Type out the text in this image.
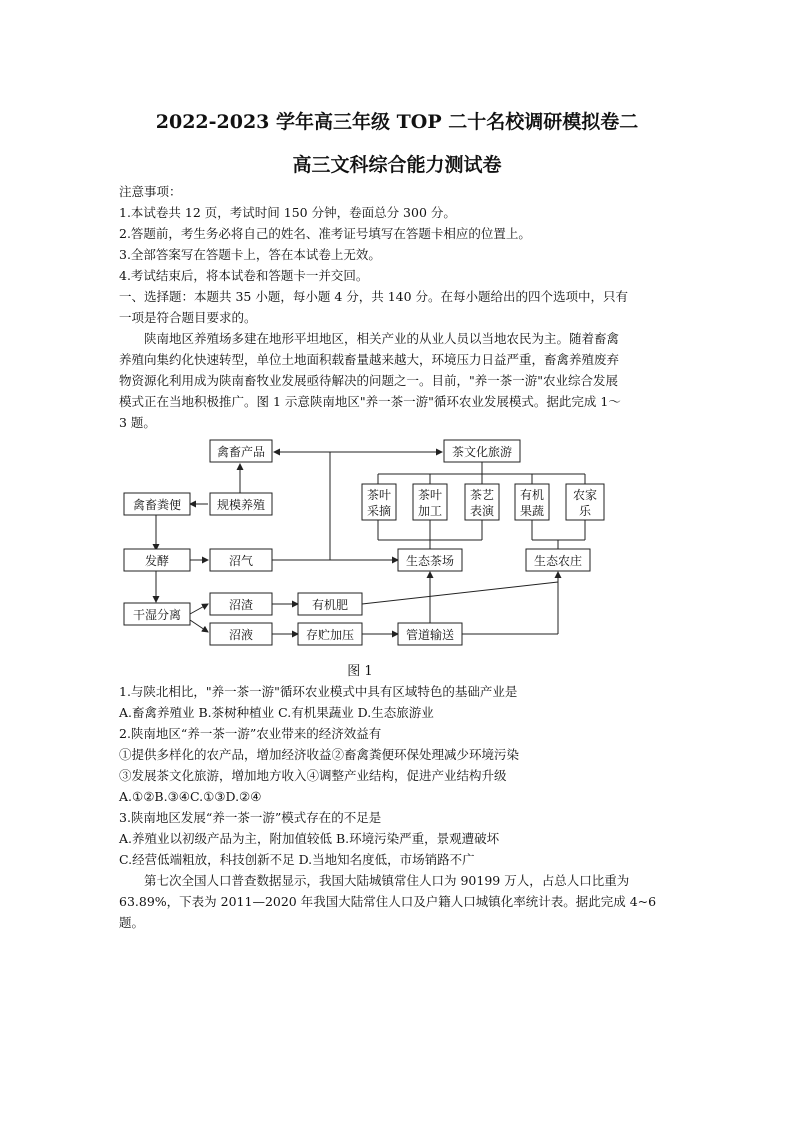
2022-2023 学年高三年级 TOP 二十名校调研模拟卷二
高三文科综合能力测试卷
注意事项：
1.本试卷共 12 页，考试时间 150 分钟，卷面总分 300 分。
2.答题前，考生务必将自己的姓名、准考证号填写在答题卡相应的位置上。
3.全部答案写在答题卡上，答在本试卷上无效。
4.考试结束后，将本试卷和答题卡一并交回。
一、选择题：本题共 35 小题，每小题 4 分，共 140 分。在每小题给出的四个选项中，只有
一项是符合题目要求的。
陕南地区养殖场多建在地形平坦地区，相关产业的从业人员以当地农民为主。随着畜禽
养殖向集约化快速转型，单位土地面积载畜量越来越大，环境压力日益严重，畜禽养殖废弃
物资源化利用成为陕南畜牧业发展亟待解决的问题之一。目前，"养一茶一游"农业综合发展
模式正在当地积极推广。图 1 示意陕南地区"养一茶一游"循环农业发展模式。据此完成 1～
3 题。
禽畜产品	茶文化旅游
茶叶
采摘
茶叶
加工
茶艺
表演
有机
果蔬
农家
乐
禽畜粪便	规模养殖
发酵	沼气	生态茶场	生态农庄
干湿分离
沼渣	有机肥
沼液	存贮加压	管道输送
图 1
1.与陕北相比，"养一茶一游"循环农业模式中具有区域特色的基础产业是
A.畜禽养殖业 B.茶树种植业 C.有机果蔬业 D.生态旅游业
2.陕南地区“养一茶一游”农业带来的经济效益有
①提供多样化的农产品，增加经济收益②畜禽粪便环保处理减少环境污染
③发展茶文化旅游，增加地方收入④调整产业结构，促进产业结构升级
A.①②B.③④C.①③D.②④
3.陕南地区发展“养一茶一游”模式存在的不足是
A.养殖业以初级产品为主，附加值较低 B.环境污染严重，景观遭破坏
C.经营低端粗放，科技创新不足 D.当地知名度低，市场销路不广
第七次全国人口普查数据显示，我国大陆城镇常住人口为 90199 万人，占总人口比重为
63.89%，下表为 2011—2020 年我国大陆常住人口及户籍人口城镇化率统计表。据此完成 4~6
题。
